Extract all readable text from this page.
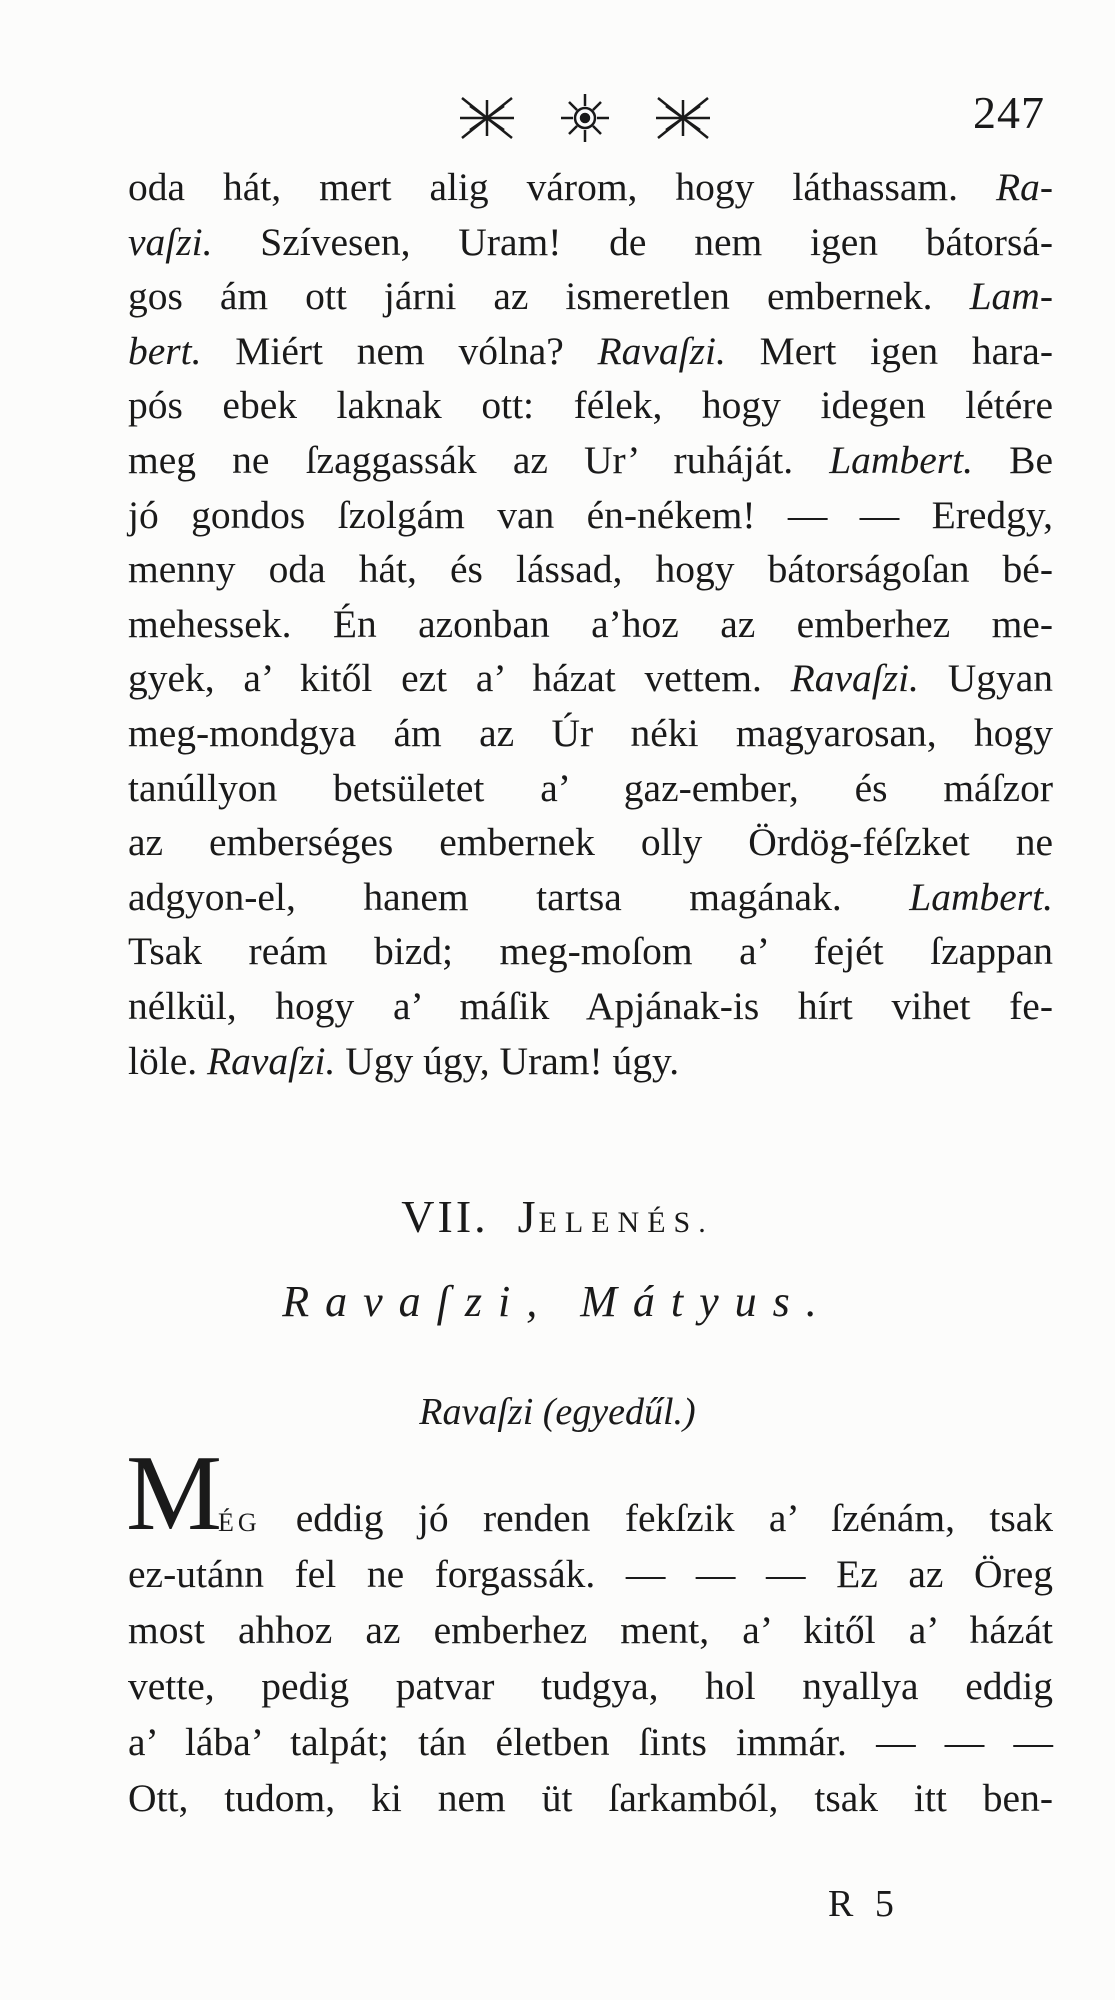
247
oda hát, mert alig várom, hogy láthassam. Ra-
vaſzi. Szívesen, Uram! de nem igen bátorsá-
gos ám ott járni az ismeretlen embernek. Lam-
bert. Miért nem vólna? Ravaſzi. Mert igen hara-
pós ebek laknak ott: félek, hogy idegen létére
meg ne ſzaggassák az Ur’ ruháját. Lambert. Be
jó gondos ſzolgám van én-nékem! — — Eredgy,
menny oda hát, és lássad, hogy bátorságoſan bé-
mehessek. Én azonban a’hoz az emberhez me-
gyek, a’ kitől ezt a’ házat vettem. Ravaſzi. Ugyan
meg-mondgya ám az Úr néki magyarosan, hogy
tanúllyon betsületet a’ gaz-ember, és máſzor
az emberséges embernek olly Ördög-féſzket ne
adgyon-el, hanem tartsa magának. Lambert.
Tsak reám bizd; meg-moſom a’ fejét ſzappan
nélkül, hogy a’ máſik Apjának-is hírt vihet fe-
löle. Ravaſzi. Ugy úgy, Uram! úgy.
VII. JELENÉS.

Ravaſzi, Mátyus.

Ravaſzi (egyedűl.)

M
ÉG eddig jó renden fekſzik a’ ſzénám, tsak
ez-utánn fel ne forgassák. — — — Ez az Öreg
most ahhoz az emberhez ment, a’ kitől a’ házát
vette, pedig patvar tudgya, hol nyallya eddig
a’ lába’ talpát; tán életben ſints immár. — — —
Ott, tudom, ki nem üt ſarkamból, tsak itt ben-

R 5
